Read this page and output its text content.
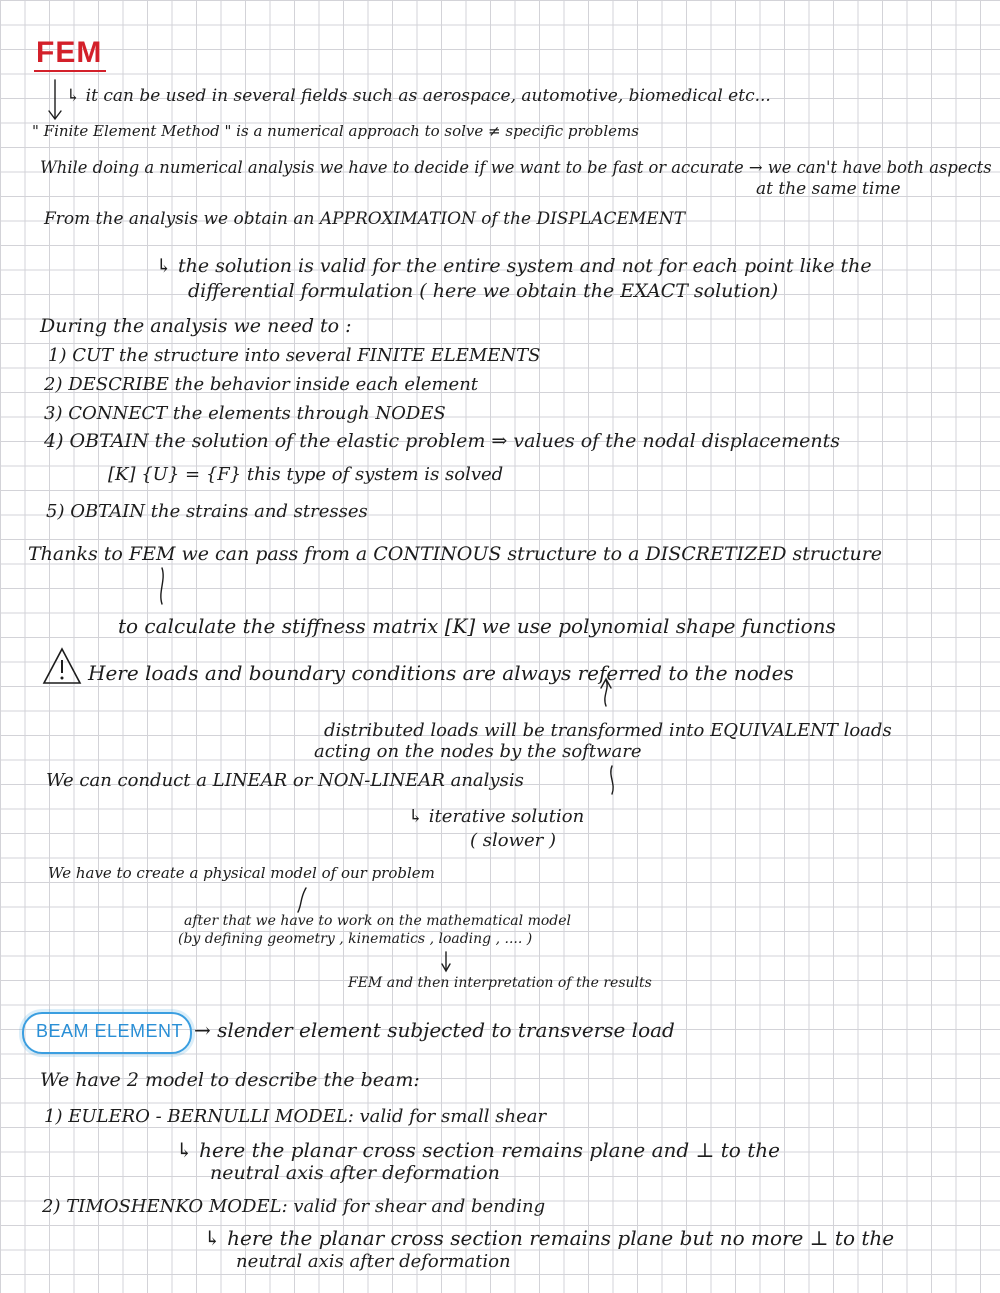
FEM
↳ it can be used in several fields such as aerospace, automotive, biomedical etc...
" Finite Element Method " is a numerical approach to solve ≠ specific problems
While doing a numerical analysis we have to decide if we want to be fast or accurate → we can't have both aspects
at the same time
From the analysis we obtain an APPROXIMATION of the DISPLACEMENT
↳ the solution is valid for the entire system and not for each point like the
differential formulation ( here we obtain the EXACT solution)
During the analysis we need to :
1) CUT the structure into several FINITE ELEMENTS
2) DESCRIBE the behavior inside each element
3) CONNECT the elements through NODES
4) OBTAIN the solution of the elastic problem ⇒ values of the nodal displacements
[K] {U} = {F} this type of system is solved
5) OBTAIN the strains and stresses
Thanks to FEM we can pass from a CONTINOUS structure to a DISCRETIZED structure
to calculate the stiffness matrix [K] we use polynomial shape functions
Here loads and boundary conditions are always referred to the nodes
distributed loads will be transformed into EQUIVALENT loads
acting on the nodes by the software
We can conduct a LINEAR or NON-LINEAR analysis
↳ iterative solution
( slower )
We have to create a physical model of our problem
after that we have to work on the mathematical model
(by defining geometry , kinematics , loading , .... )
FEM and then interpretation of the results
BEAM ELEMENT → slender element subjected to transverse load
We have 2 model to describe the beam:
1) EULERO - BERNULLI MODEL: valid for small shear
↳ here the planar cross section remains plane and ⊥ to the
neutral axis after deformation
2) TIMOSHENKO MODEL: valid for shear and bending
↳ here the planar cross section remains plane but no more ⊥ to the
neutral axis after deformation
